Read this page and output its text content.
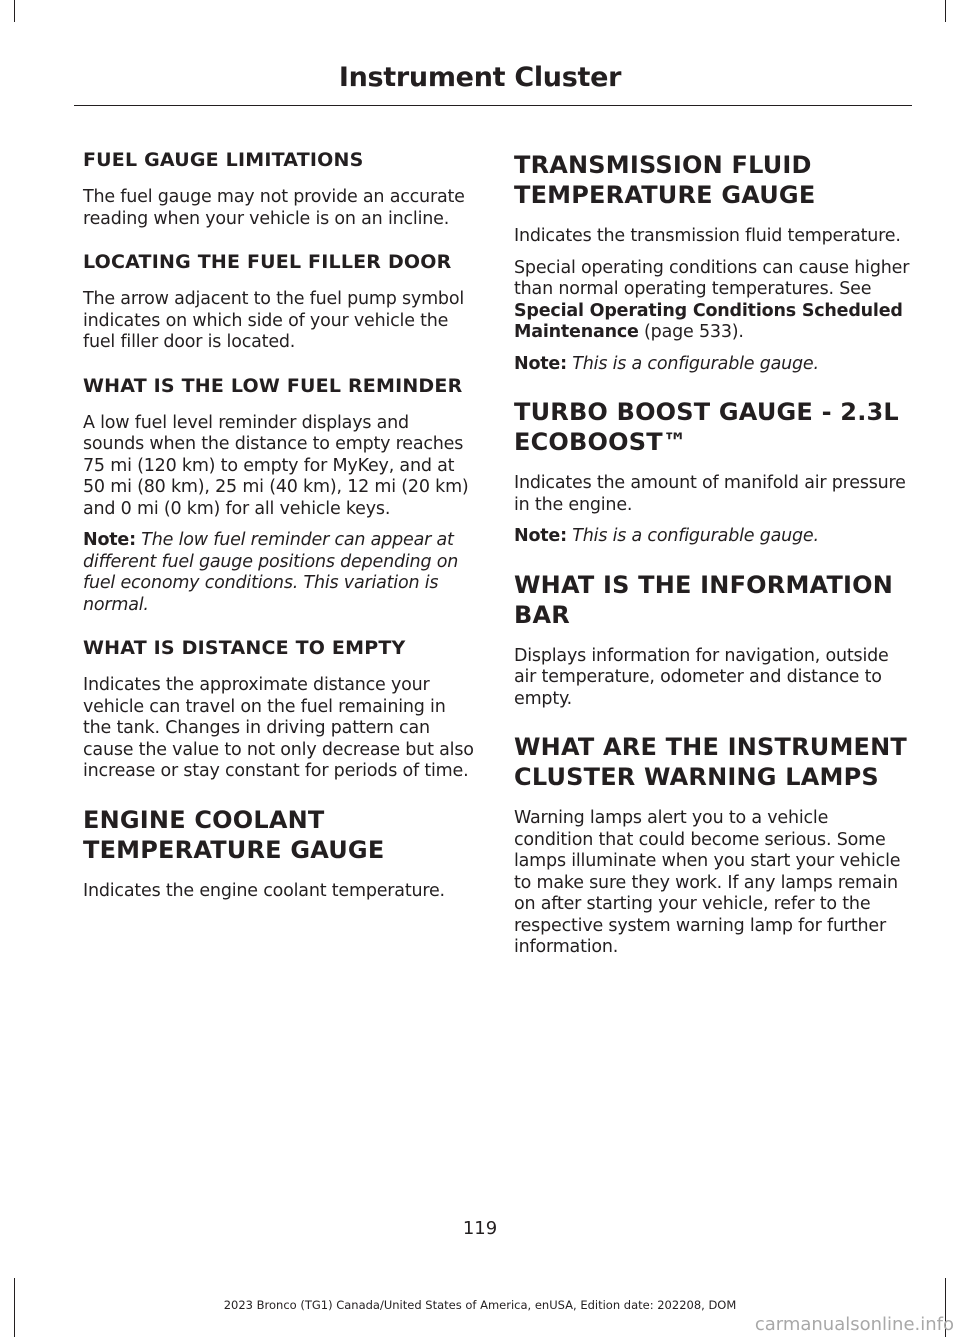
Instrument Cluster
FUEL GAUGE LIMITATIONS

The fuel gauge may not provide an accurate reading when your vehicle is on an incline.

LOCATING THE FUEL FILLER DOOR

The arrow adjacent to the fuel pump symbol indicates on which side of your vehicle the fuel filler door is located.

WHAT IS THE LOW FUEL REMINDER

A low fuel level reminder displays and sounds when the distance to empty reaches 75 mi (120 km) to empty for MyKey, and at 50 mi (80 km), 25 mi (40 km), 12 mi (20 km) and 0 mi (0 km) for all vehicle keys.

Note: The low fuel reminder can appear at different fuel gauge positions depending on fuel economy conditions. This variation is normal.

WHAT IS DISTANCE TO EMPTY

Indicates the approximate distance your vehicle can travel on the fuel remaining in the tank. Changes in driving pattern can cause the value to not only decrease but also increase or stay constant for periods of time.

ENGINE COOLANT
TEMPERATURE GAUGE

Indicates the engine coolant temperature.

TRANSMISSION FLUID
TEMPERATURE GAUGE

Indicates the transmission fluid temperature.

Special operating conditions can cause higher than normal operating temperatures. See Special Operating Conditions Scheduled Maintenance (page 533).

Note: This is a configurable gauge.

TURBO BOOST GAUGE - 2.3L
ECOBOOST™

Indicates the amount of manifold air pressure in the engine.

Note: This is a configurable gauge.

WHAT IS THE INFORMATION
BAR

Displays information for navigation, outside air temperature, odometer and distance to empty.

WHAT ARE THE INSTRUMENT
CLUSTER WARNING LAMPS

Warning lamps alert you to a vehicle condition that could become serious. Some lamps illuminate when you start your vehicle to make sure they work. If any lamps remain on after starting your vehicle, refer to the respective system warning lamp for further information.

119
2023 Bronco (TG1) Canada/United States of America, enUSA, Edition date: 202208, DOM
carmanualsonline.info
